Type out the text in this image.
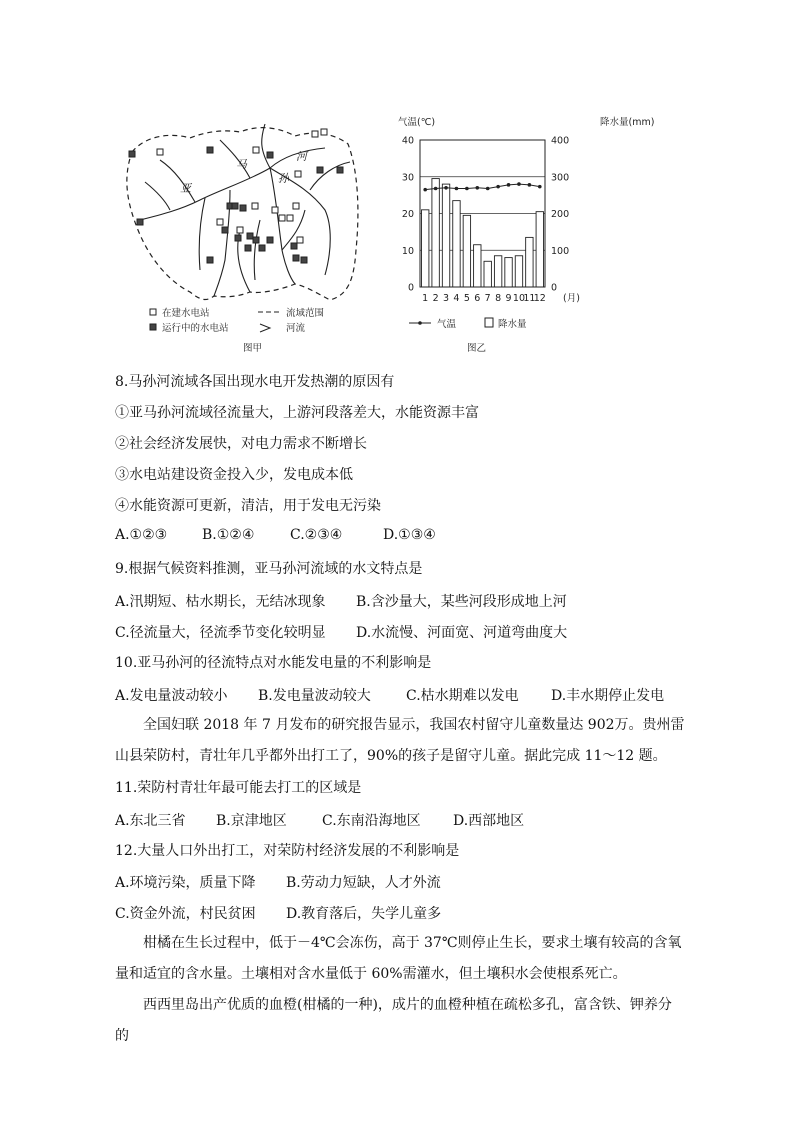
亚
马
孙
河
在建水电站
运行中的水电站
流域范围
河流
图甲
气温(℃)	降水量(mm)
0
10
20
30
40
0
100
200
300
400
1 2 3 4 5 6 7 8 9 10
11
12 (月)
气温	降水量
图乙
8.马孙河流域各国出现水电开发热潮的原因有
①亚马孙河流域径流量大，上游河段落差大，水能资源丰富
②社会经济发展快，对电力需求不断增长
③水电站建设资金投入少，发电成本低
④水能资源可更新，清洁，用于发电无污染
A.①②③ B.①②④	C.②③④	D.①③④
9.根据气候资料推测，亚马孙河流域的水文特点是
A.汛期短、枯水期长，无结冰现象 B.含沙量大，某些河段形成地上河
C.径流量大，径流季节变化较明显 D.水流慢、河面宽、河道弯曲度大
10.亚马孙河的径流特点对水能发电量的不利影响是
A.发电量波动较小 B.发电量波动较大	C.枯水期难以发电 D.丰水期停止发电
全国妇联 2018 年 7 月发布的研究报告显示，我国农村留守儿童数量达 902万。贵州雷山县荣防村，青壮年几乎都外出打工了，90%的孩子是留守儿童。据此完成 11～12 题。
11.荣防村青壮年最可能去打工的区域是
A.东北三省 B.京津地区	C.东南沿海地区 D.西部地区
12.大量人口外出打工，对荣防村经济发展的不利影响是
A.环境污染，质量下降 B.劳动力短缺，人才外流
C.资金外流，村民贫困 D.教育落后，失学儿童多
柑橘在生长过程中，低于－4℃会冻伤，高于 37℃则停止生长，要求土壤有较高的含氧量和适宜的含水量。土壤相对含水量低于 60%需灌水，但土壤积水会使根系死亡。
西西里岛出产优质的血橙(柑橘的一种)，成片的血橙种植在疏松多孔，富含铁、钾养分的
